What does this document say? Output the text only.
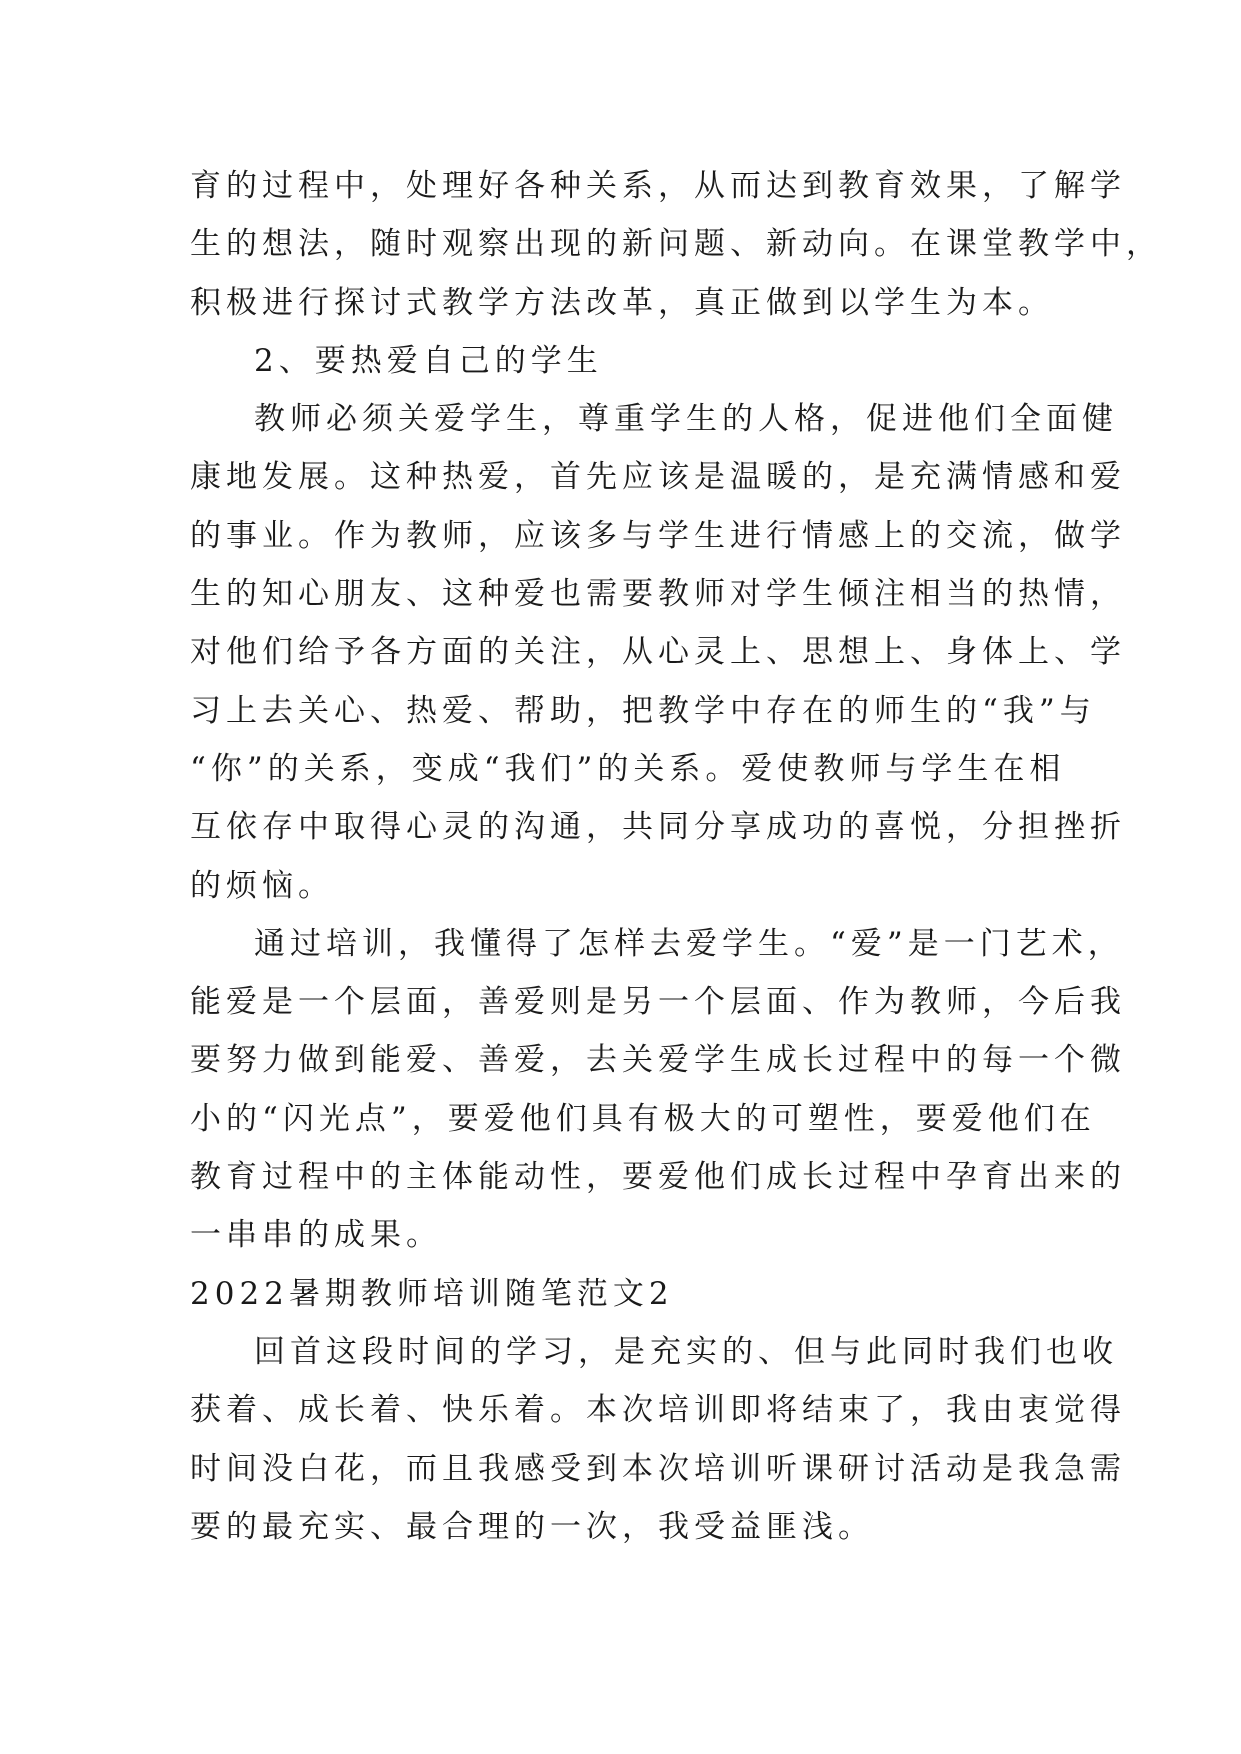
育的过程中，处理好各种关系，从而达到教育效果，了解学
生的想法，随时观察出现的新问题、新动向。在课堂教学中，
积极进行探讨式教学方法改革，真正做到以学生为本。
2、要热爱自己的学生
教师必须关爱学生，尊重学生的人格，促进他们全面健
康地发展。这种热爱，首先应该是温暖的，是充满情感和爱
的事业。作为教师，应该多与学生进行情感上的交流，做学
生的知心朋友、这种爱也需要教师对学生倾注相当的热情，
对他们给予各方面的关注，从心灵上、思想上、身体上、学
习上去关心、热爱、帮助，把教学中存在的师生的“我”与
“你”的关系，变成“我们”的关系。爱使教师与学生在相
互依存中取得心灵的沟通，共同分享成功的喜悦，分担挫折
的烦恼。
通过培训，我懂得了怎样去爱学生。“爱”是一门艺术，
能爱是一个层面，善爱则是另一个层面、作为教师，今后我
要努力做到能爱、善爱，去关爱学生成长过程中的每一个微
小的“闪光点”，要爱他们具有极大的可塑性，要爱他们在
教育过程中的主体能动性，要爱他们成长过程中孕育出来的
一串串的成果。
2022暑期教师培训随笔范文2
回首这段时间的学习，是充实的、但与此同时我们也收
获着、成长着、快乐着。本次培训即将结束了，我由衷觉得
时间没白花，而且我感受到本次培训听课研讨活动是我急需
要的最充实、最合理的一次，我受益匪浅。
